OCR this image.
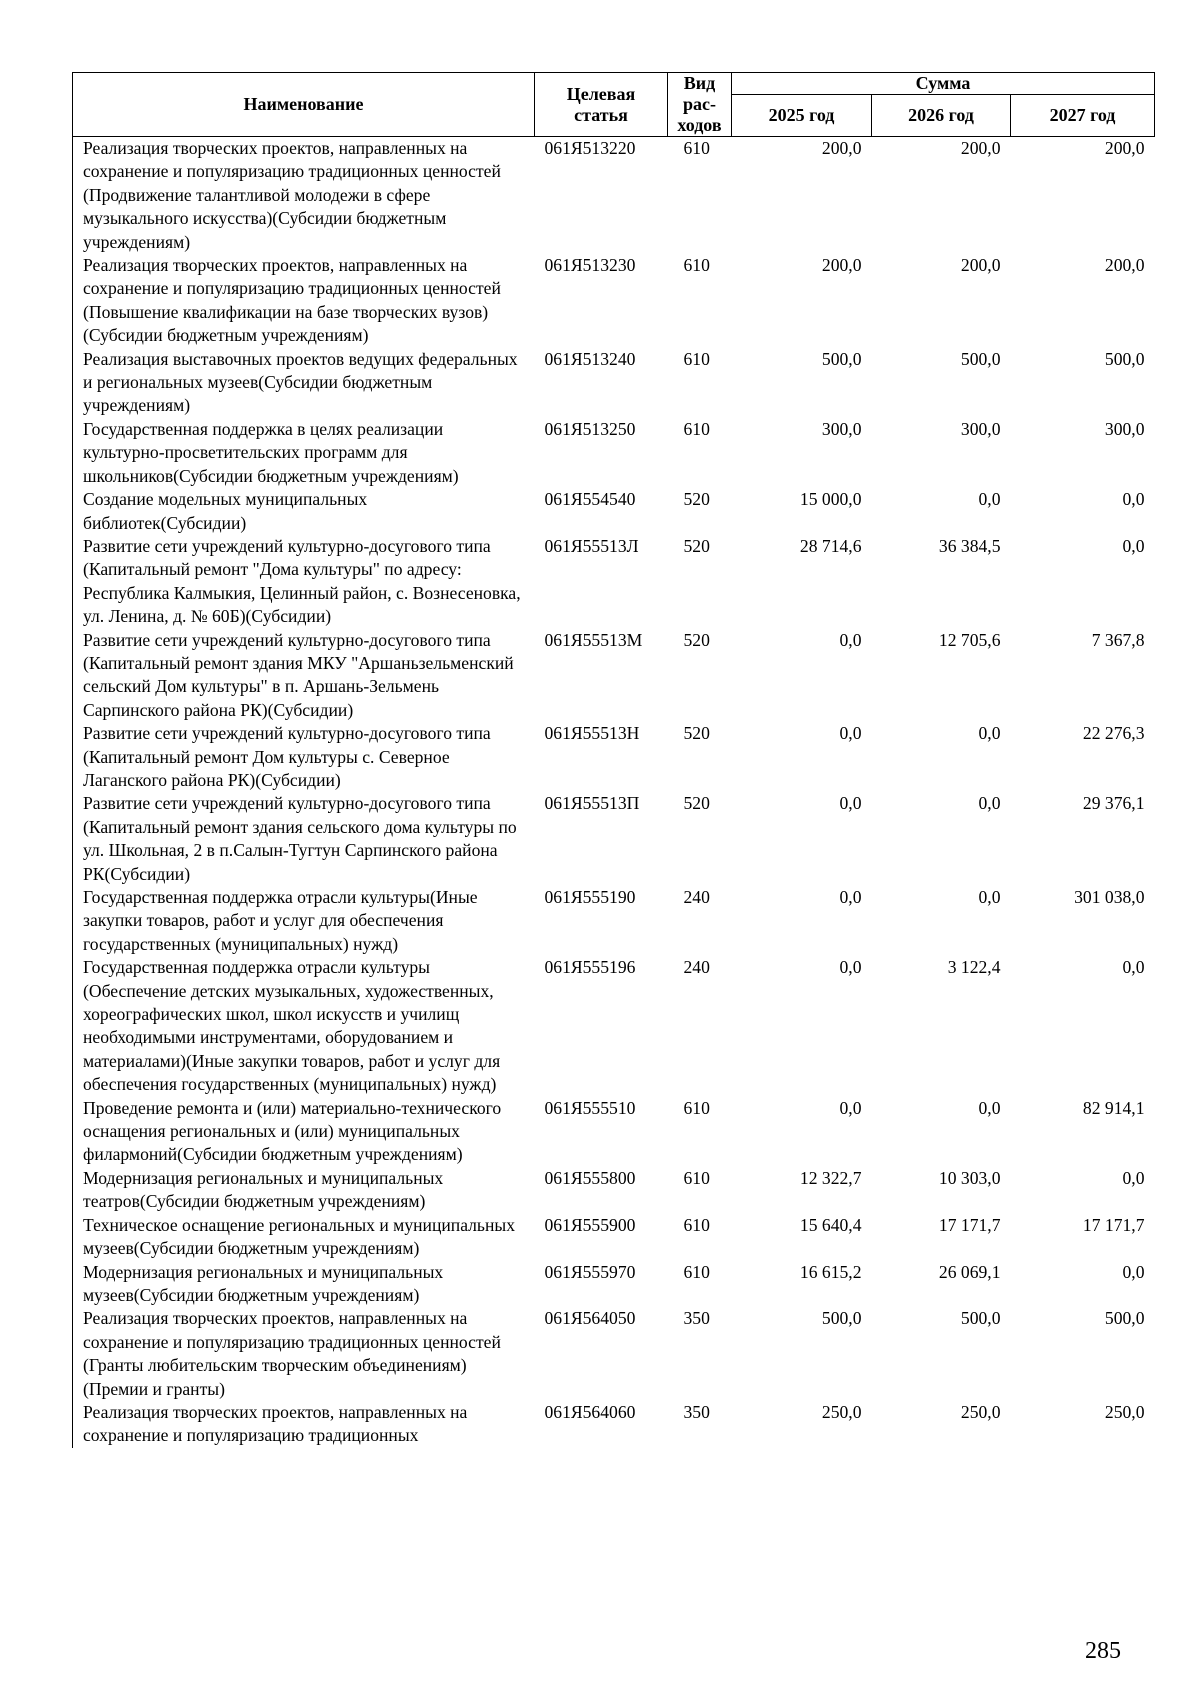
Наименование	Целевая статья	Вид рас- ходов	Сумма		
			2025 год	2026 год	2027 год
Реализация творческих проектов, направленных на сохранение и популяризацию традиционных ценностей (Продвижение талантливой молодежи в сфере музыкального искусства)(Субсидии бюджетным учреждениям)	061Я513220	610	200,0	200,0	200,0
Реализация творческих проектов, направленных на сохранение и популяризацию традиционных ценностей (Повышение квалификации на базе творческих вузов)(Субсидии бюджетным учреждениям)	061Я513230	610	200,0	200,0	200,0
Реализация выставочных проектов ведущих федеральных и региональных музеев(Субсидии бюджетным учреждениям)	061Я513240	610	500,0	500,0	500,0
Государственная поддержка в целях реализации культурно-просветительских программ для школьников(Субсидии бюджетным учреждениям)	061Я513250	610	300,0	300,0	300,0
Создание модельных муниципальных библиотек(Субсидии)	061Я554540	520	15 000,0	0,0	0,0
Развитие сети учреждений культурно-досугового типа (Капитальный ремонт "Дома культуры" по адресу: Республика Калмыкия, Целинный район, с. Вознесеновка, ул. Ленина, д. № 60Б)(Субсидии)	061Я55513Л	520	28 714,6	36 384,5	0,0
Развитие сети учреждений культурно-досугового типа (Капитальный ремонт здания МКУ "Аршаньзельменский сельский Дом культуры" в п. Аршань-Зельмень Сарпинского района РК)(Субсидии)	061Я55513М	520	0,0	12 705,6	7 367,8
Развитие сети учреждений культурно-досугового типа (Капитальный ремонт Дом культуры с. Северное Лаганского района РК)(Субсидии)	061Я55513Н	520	0,0	0,0	22 276,3
Развитие сети учреждений культурно-досугового типа (Капитальный ремонт здания сельского дома культуры по ул. Школьная, 2 в п.Салын-Тугтун Сарпинского района РК(Субсидии)	061Я55513П	520	0,0	0,0	29 376,1
Государственная поддержка отрасли культуры(Иные закупки товаров, работ и услуг для обеспечения государственных (муниципальных) нужд)	061Я555190	240	0,0	0,0	301 038,0
Государственная поддержка отрасли культуры (Обеспечение детских музыкальных, художественных, хореографических школ, школ искусств и училищ необходимыми инструментами, оборудованием и материалами)(Иные закупки товаров, работ и услуг для обеспечения государственных (муниципальных) нужд)	061Я555196	240	0,0	3 122,4	0,0
Проведение ремонта и (или) материально-технического оснащения региональных и (или) муниципальных филармоний(Субсидии бюджетным учреждениям)	061Я555510	610	0,0	0,0	82 914,1
Модернизация региональных и муниципальных театров(Субсидии бюджетным учреждениям)	061Я555800	610	12 322,7	10 303,0	0,0
Техническое оснащение региональных и муниципальных музеев(Субсидии бюджетным учреждениям)	061Я555900	610	15 640,4	17 171,7	17 171,7
Модернизация региональных и муниципальных музеев(Субсидии бюджетным учреждениям)	061Я555970	610	16 615,2	26 069,1	0,0
Реализация творческих проектов, направленных на сохранение и популяризацию традиционных ценностей (Гранты любительским творческим объединениям)(Премии и гранты)	061Я564050	350	500,0	500,0	500,0
Реализация творческих проектов, направленных на сохранение и популяризацию традиционных	061Я564060	350	250,0	250,0	250,0
285
